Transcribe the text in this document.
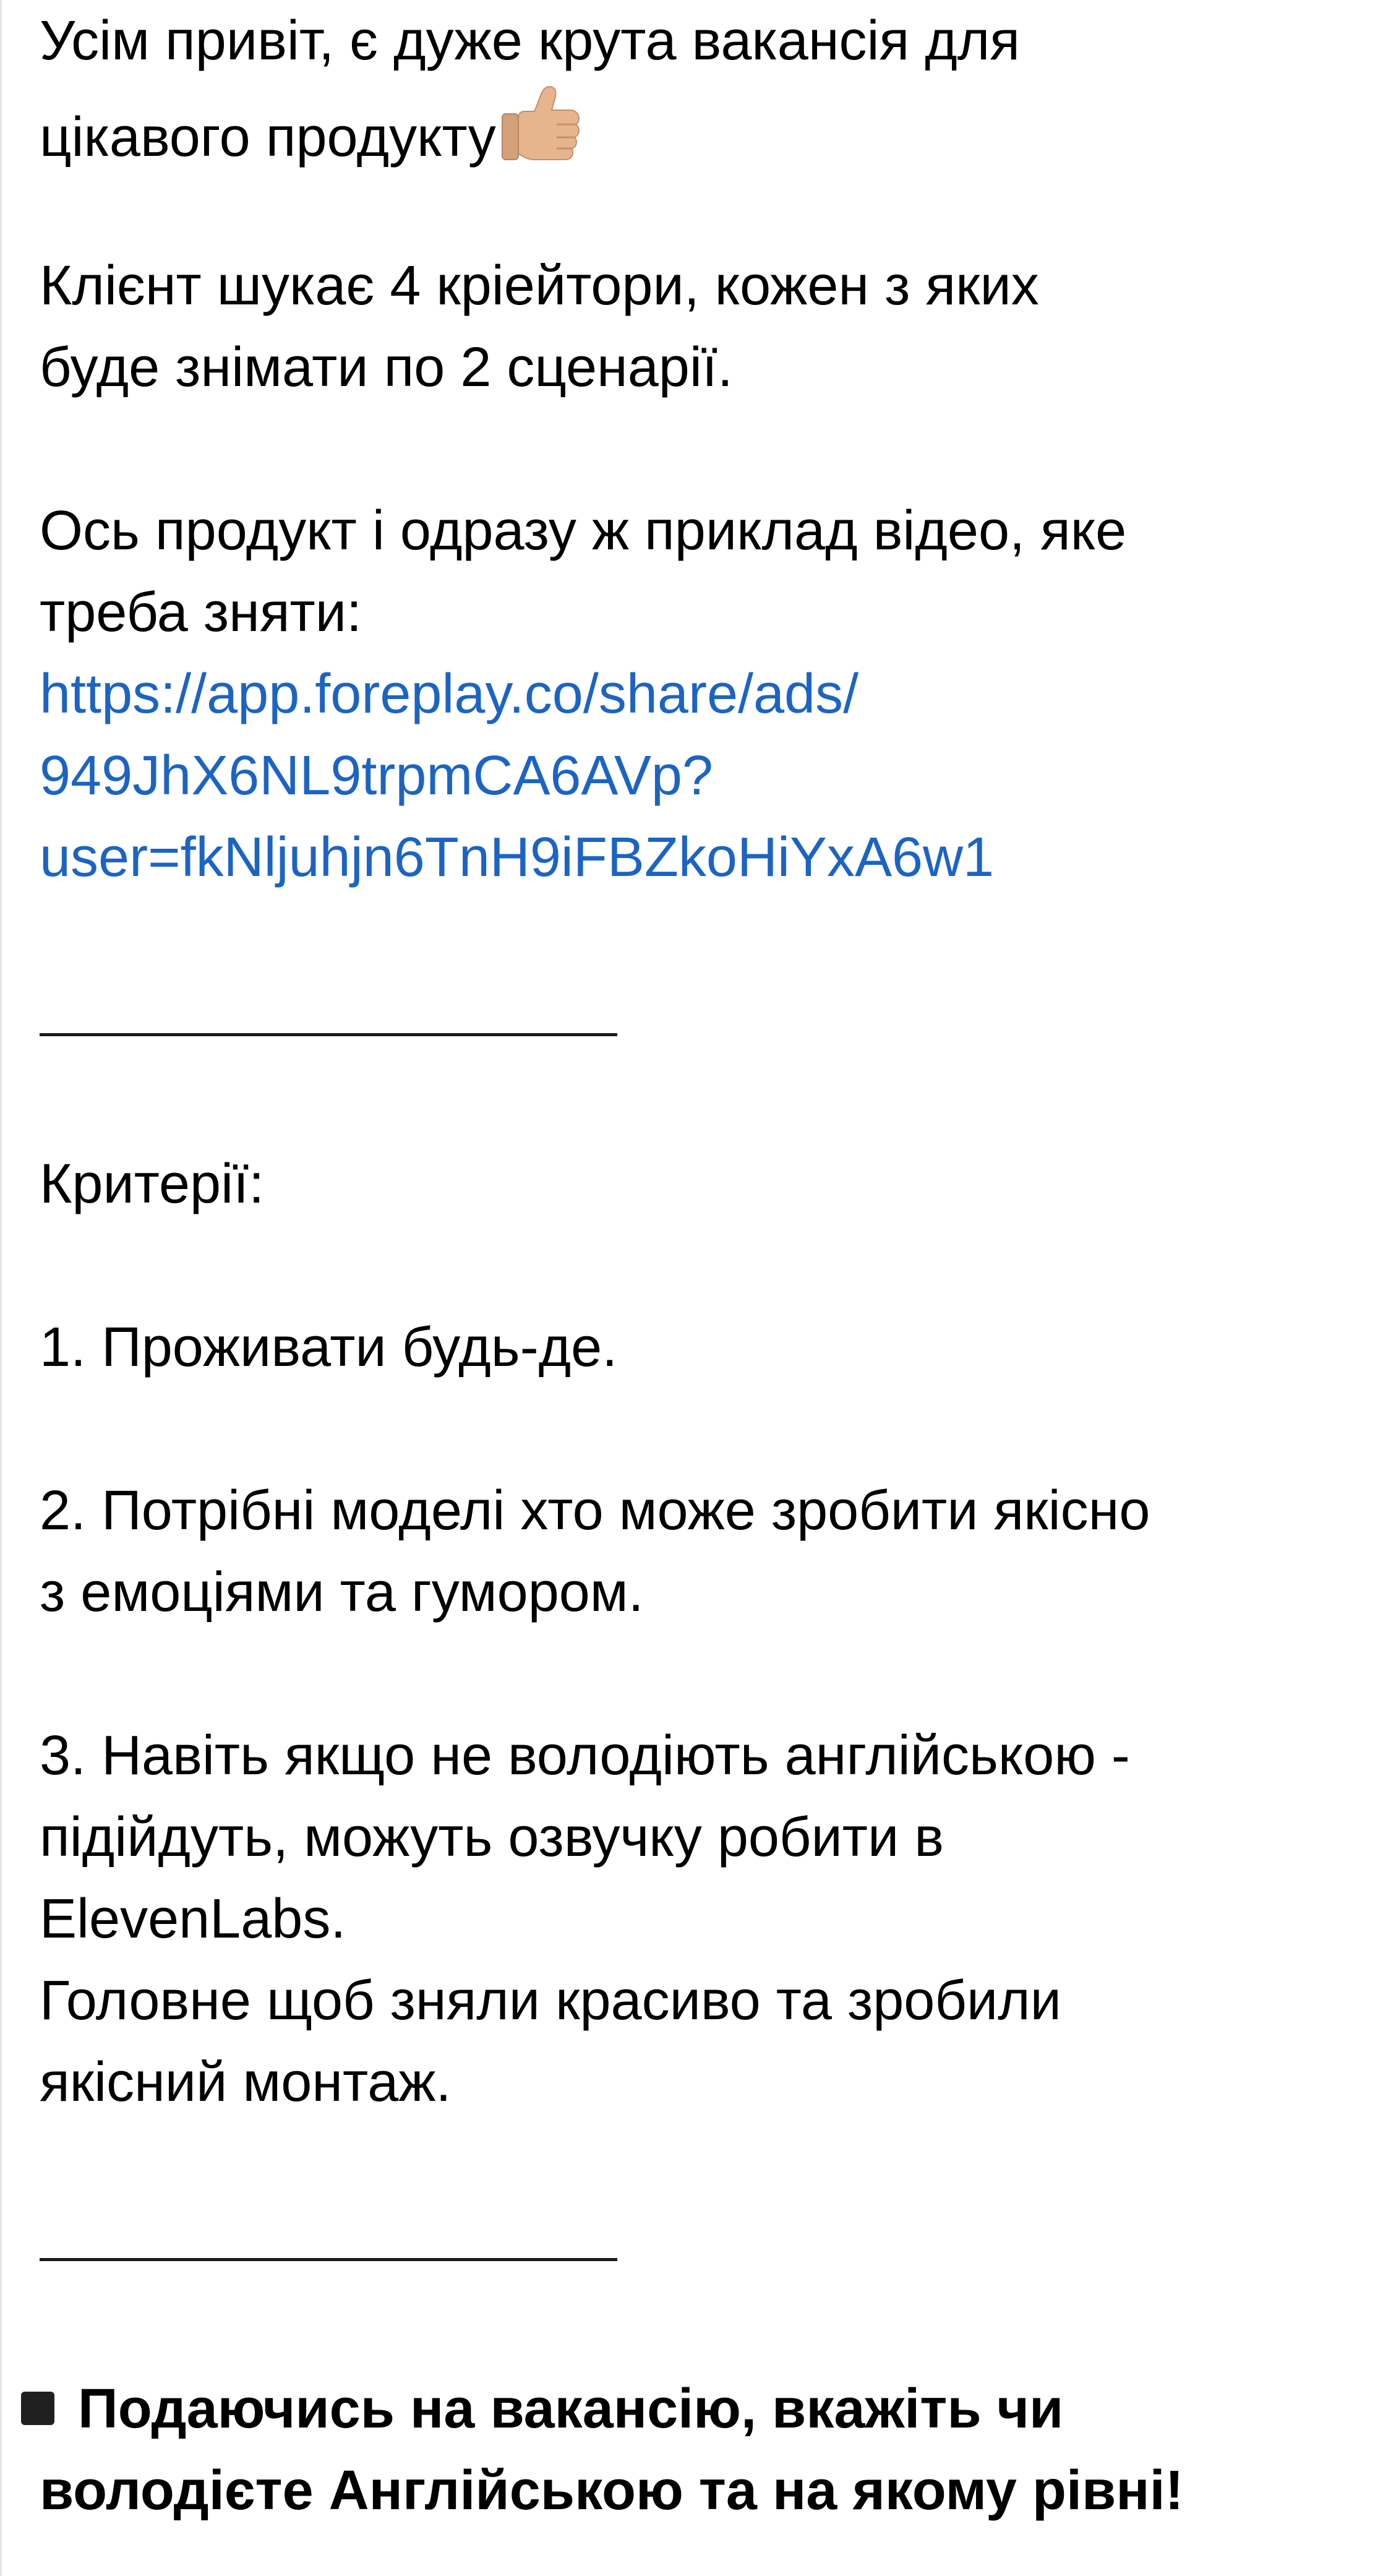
Усім привіт, є дуже крута вакансія для
цікавого продукту
Клієнт шукає 4 кріейтори, кожен з яких
буде знімати по 2 сценарії.
Ось продукт і одразу ж приклад відео, яке
треба зняти:
https://app.foreplay.co/share/ads/
949JhX6NL9trpmCA6AVp?
user=fkNljuhjn6TnH9iFBZkoHiYxA6w1
Критерії:
1. Проживати будь-де.
2. Потрібні моделі хто може зробити якісно
з емоціями та гумором.
3. Навіть якщо не володіють англійською -
підійдуть, можуть озвучку робити в
ElevenLabs.
Головне щоб зняли красиво та зробили
якісний монтаж.
Подаючись на вакансію, вкажіть чи
володієте Англійською та на якому рівні!
